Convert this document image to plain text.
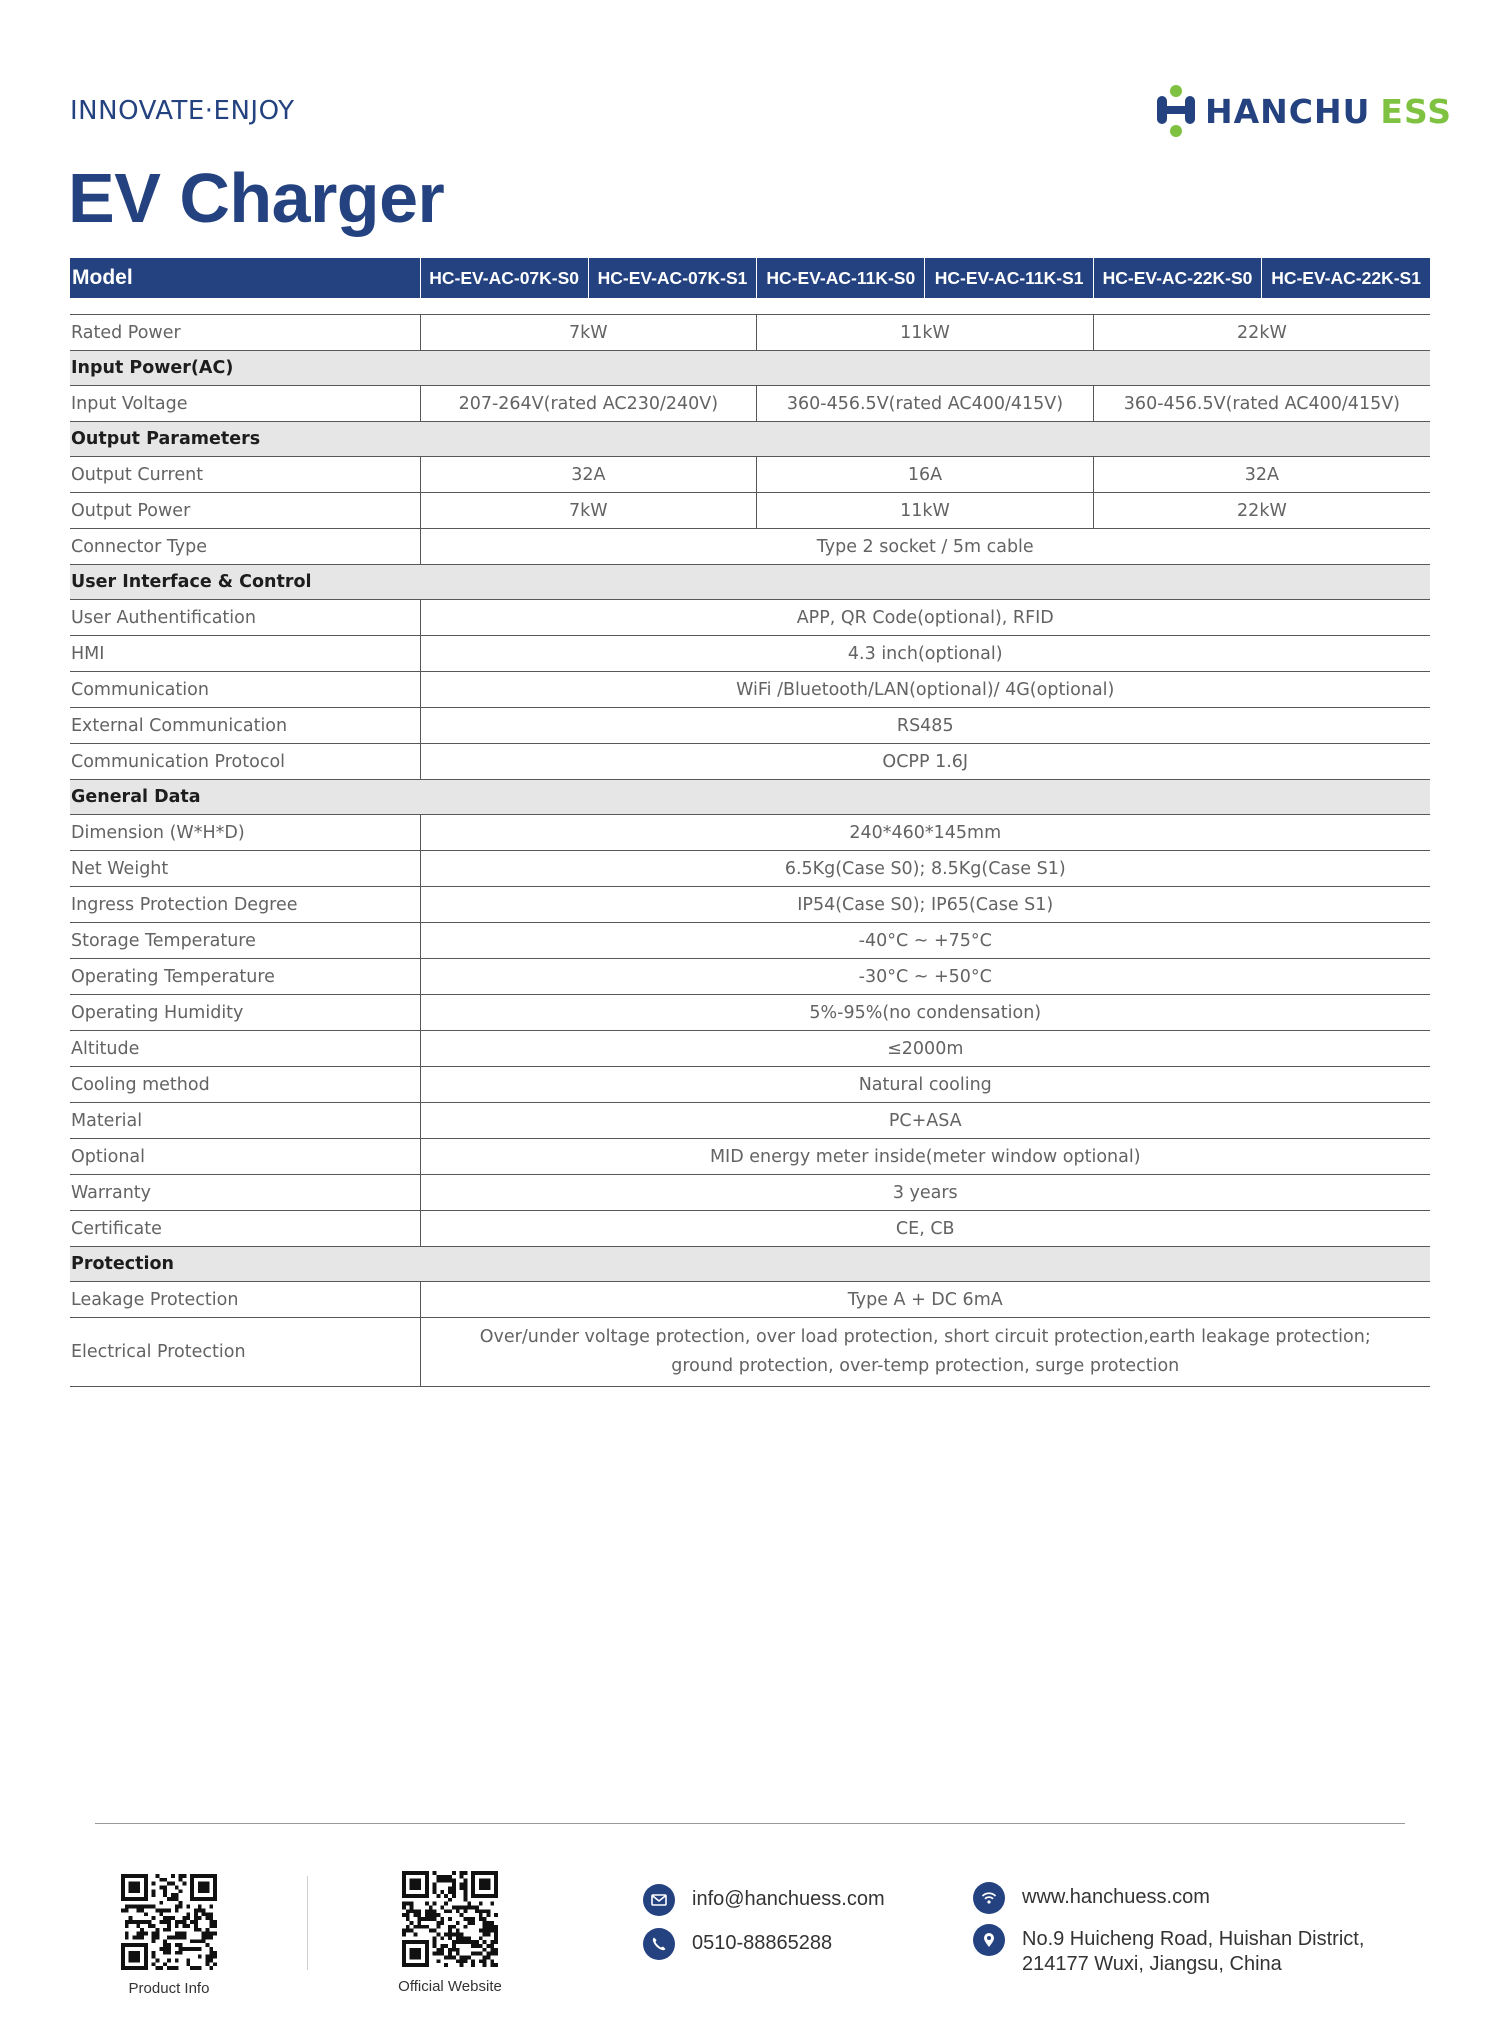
INNOVATE·ENJOY	HANCHU ESS
EV Charger
Model	HC-EV-AC-07K-S0	HC-EV-AC-07K-S1	HC-EV-AC-11K-S0	HC-EV-AC-11K-S1	HC-EV-AC-22K-S0	HC-EV-AC-22K-S1

Rated Power	7kW		11kW		22kW	
Input Power(AC)						
Input Voltage	207-264V(rated AC230/240V)		360-456.5V(rated AC400/415V)		360-456.5V(rated AC400/415V)	
Output Parameters						
Output Current	32A		16A		32A	
Output Power	7kW		11kW		22kW	
Connector Type	Type 2 socket / 5m cable					
User Interface & Control						
User Authentification	APP, QR Code(optional), RFID					
HMI	4.3 inch(optional)					
Communication	WiFi /Bluetooth/LAN(optional)/ 4G(optional)					
External Communication	RS485					
Communication Protocol	OCPP 1.6J					
General Data						
Dimension (W*H*D)	240*460*145mm					
Net Weight	6.5Kg(Case S0); 8.5Kg(Case S1)					
Ingress Protection Degree	IP54(Case S0); IP65(Case S1)					
Storage Temperature	-40°C ~ +75°C					
Operating Temperature	-30°C ~ +50°C					
Operating Humidity	5%-95%(no condensation)					
Altitude	≤2000m					
Cooling method	Natural cooling					
Material	PC+ASA					
Optional	MID energy meter inside(meter window optional)					
Warranty	3 years					
Certificate	CE, CB					
Protection						
Leakage Protection	Type A + DC 6mA					
Electrical Protection	Over/under voltage protection, over load protection, short circuit protection,earth leakage protection;
ground protection, over-temp protection, surge protection					
Product Info	Official Website
info@hanchuess.com
0510-88865288
www.hanchuess.com
No.9 Huicheng Road, Huishan District,
214177 Wuxi, Jiangsu, China
